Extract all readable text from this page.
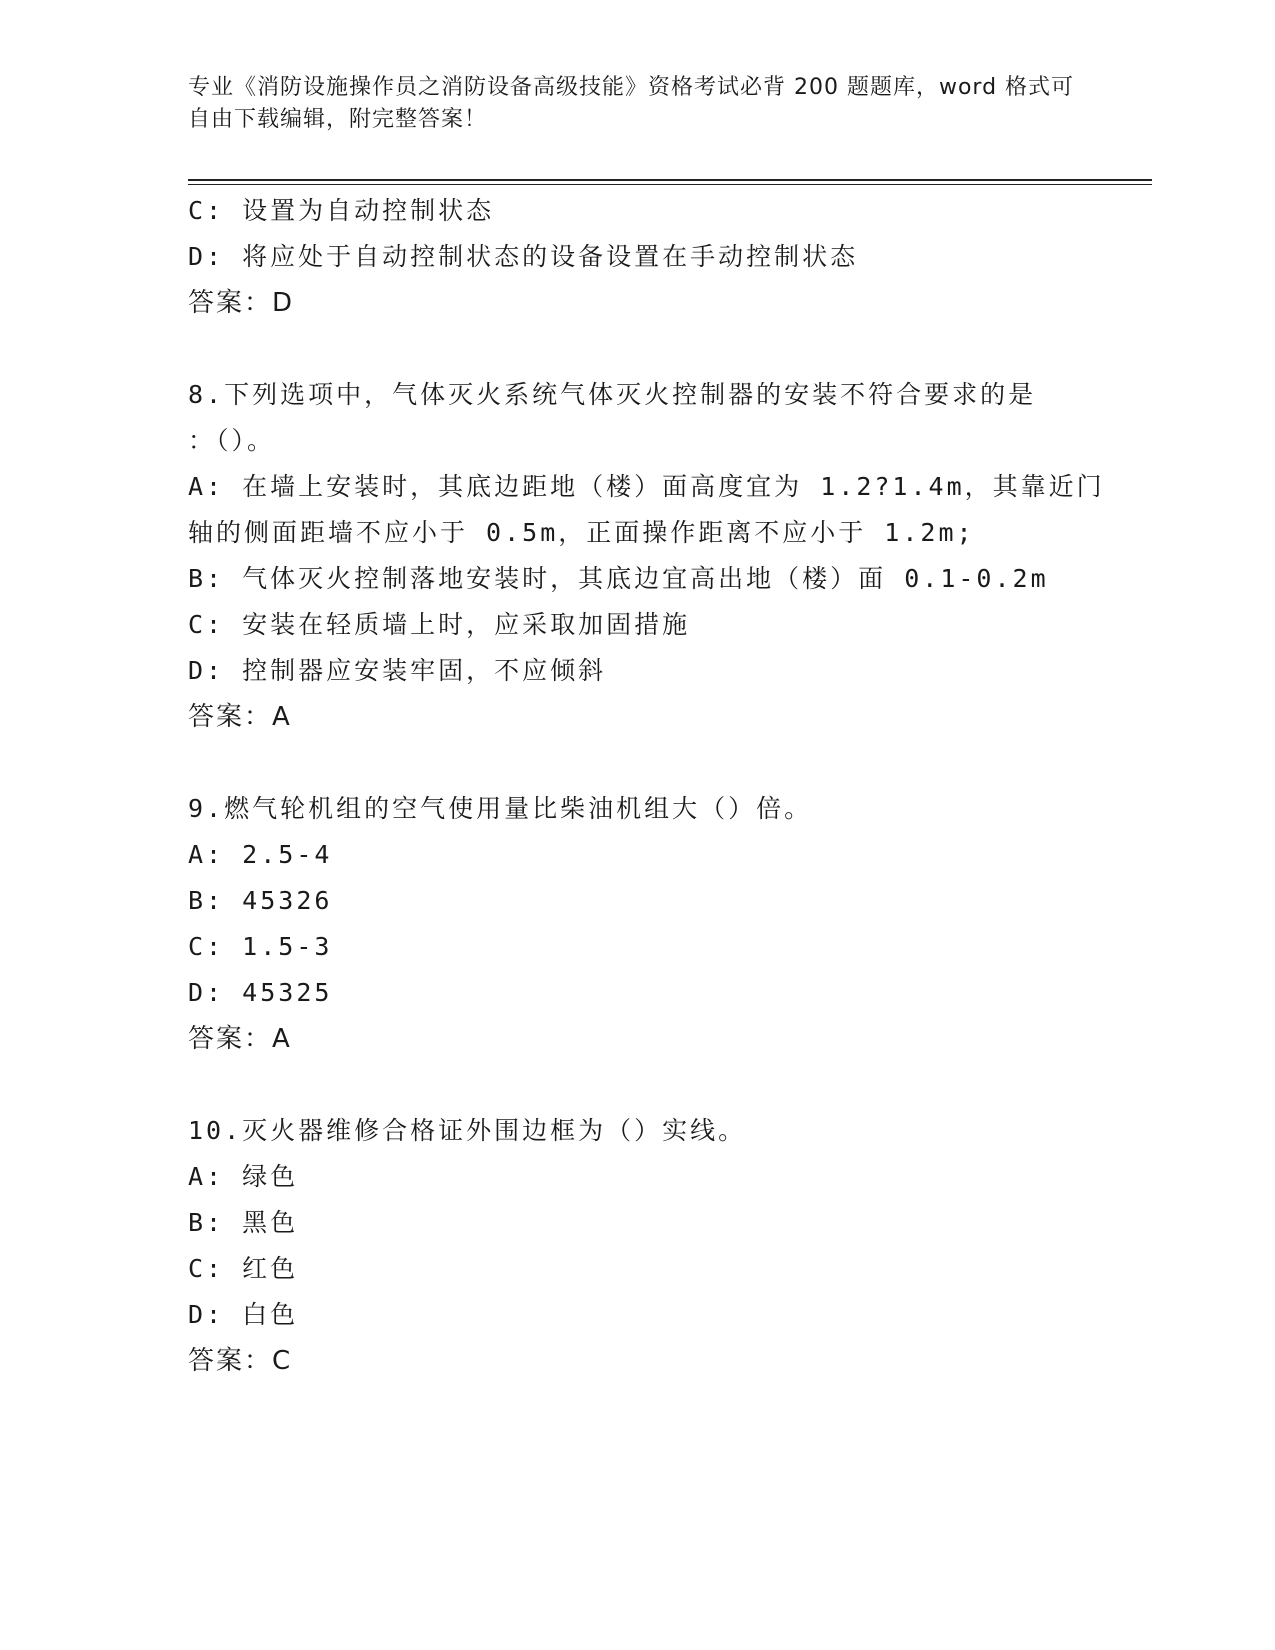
专业《消防设施操作员之消防设备高级技能》资格考试必背 200 题题库，word 格式可自由下载编辑，附完整答案！

C: 设置为自动控制状态
D: 将应处于自动控制状态的设备设置在手动控制状态
答案：D
8.下列选项中，气体灭火系统气体灭火控制器的安装不符合要求的是
：（）。
A: 在墙上安装时，其底边距地（楼）面高度宜为 1.2?1.4m，其靠近门
轴的侧面距墙不应小于 0.5m，正面操作距离不应小于 1.2m;
B: 气体灭火控制落地安装时，其底边宜高出地（楼）面 0.1-0.2m
C: 安装在轻质墙上时，应采取加固措施
D: 控制器应安装牢固，不应倾斜
答案：A
9.燃气轮机组的空气使用量比柴油机组大（）倍。
A: 2.5-4
B: 45326
C: 1.5-3
D: 45325
答案：A
10.灭火器维修合格证外围边框为（）实线。
A: 绿色
B: 黑色
C: 红色
D: 白色
答案：C
